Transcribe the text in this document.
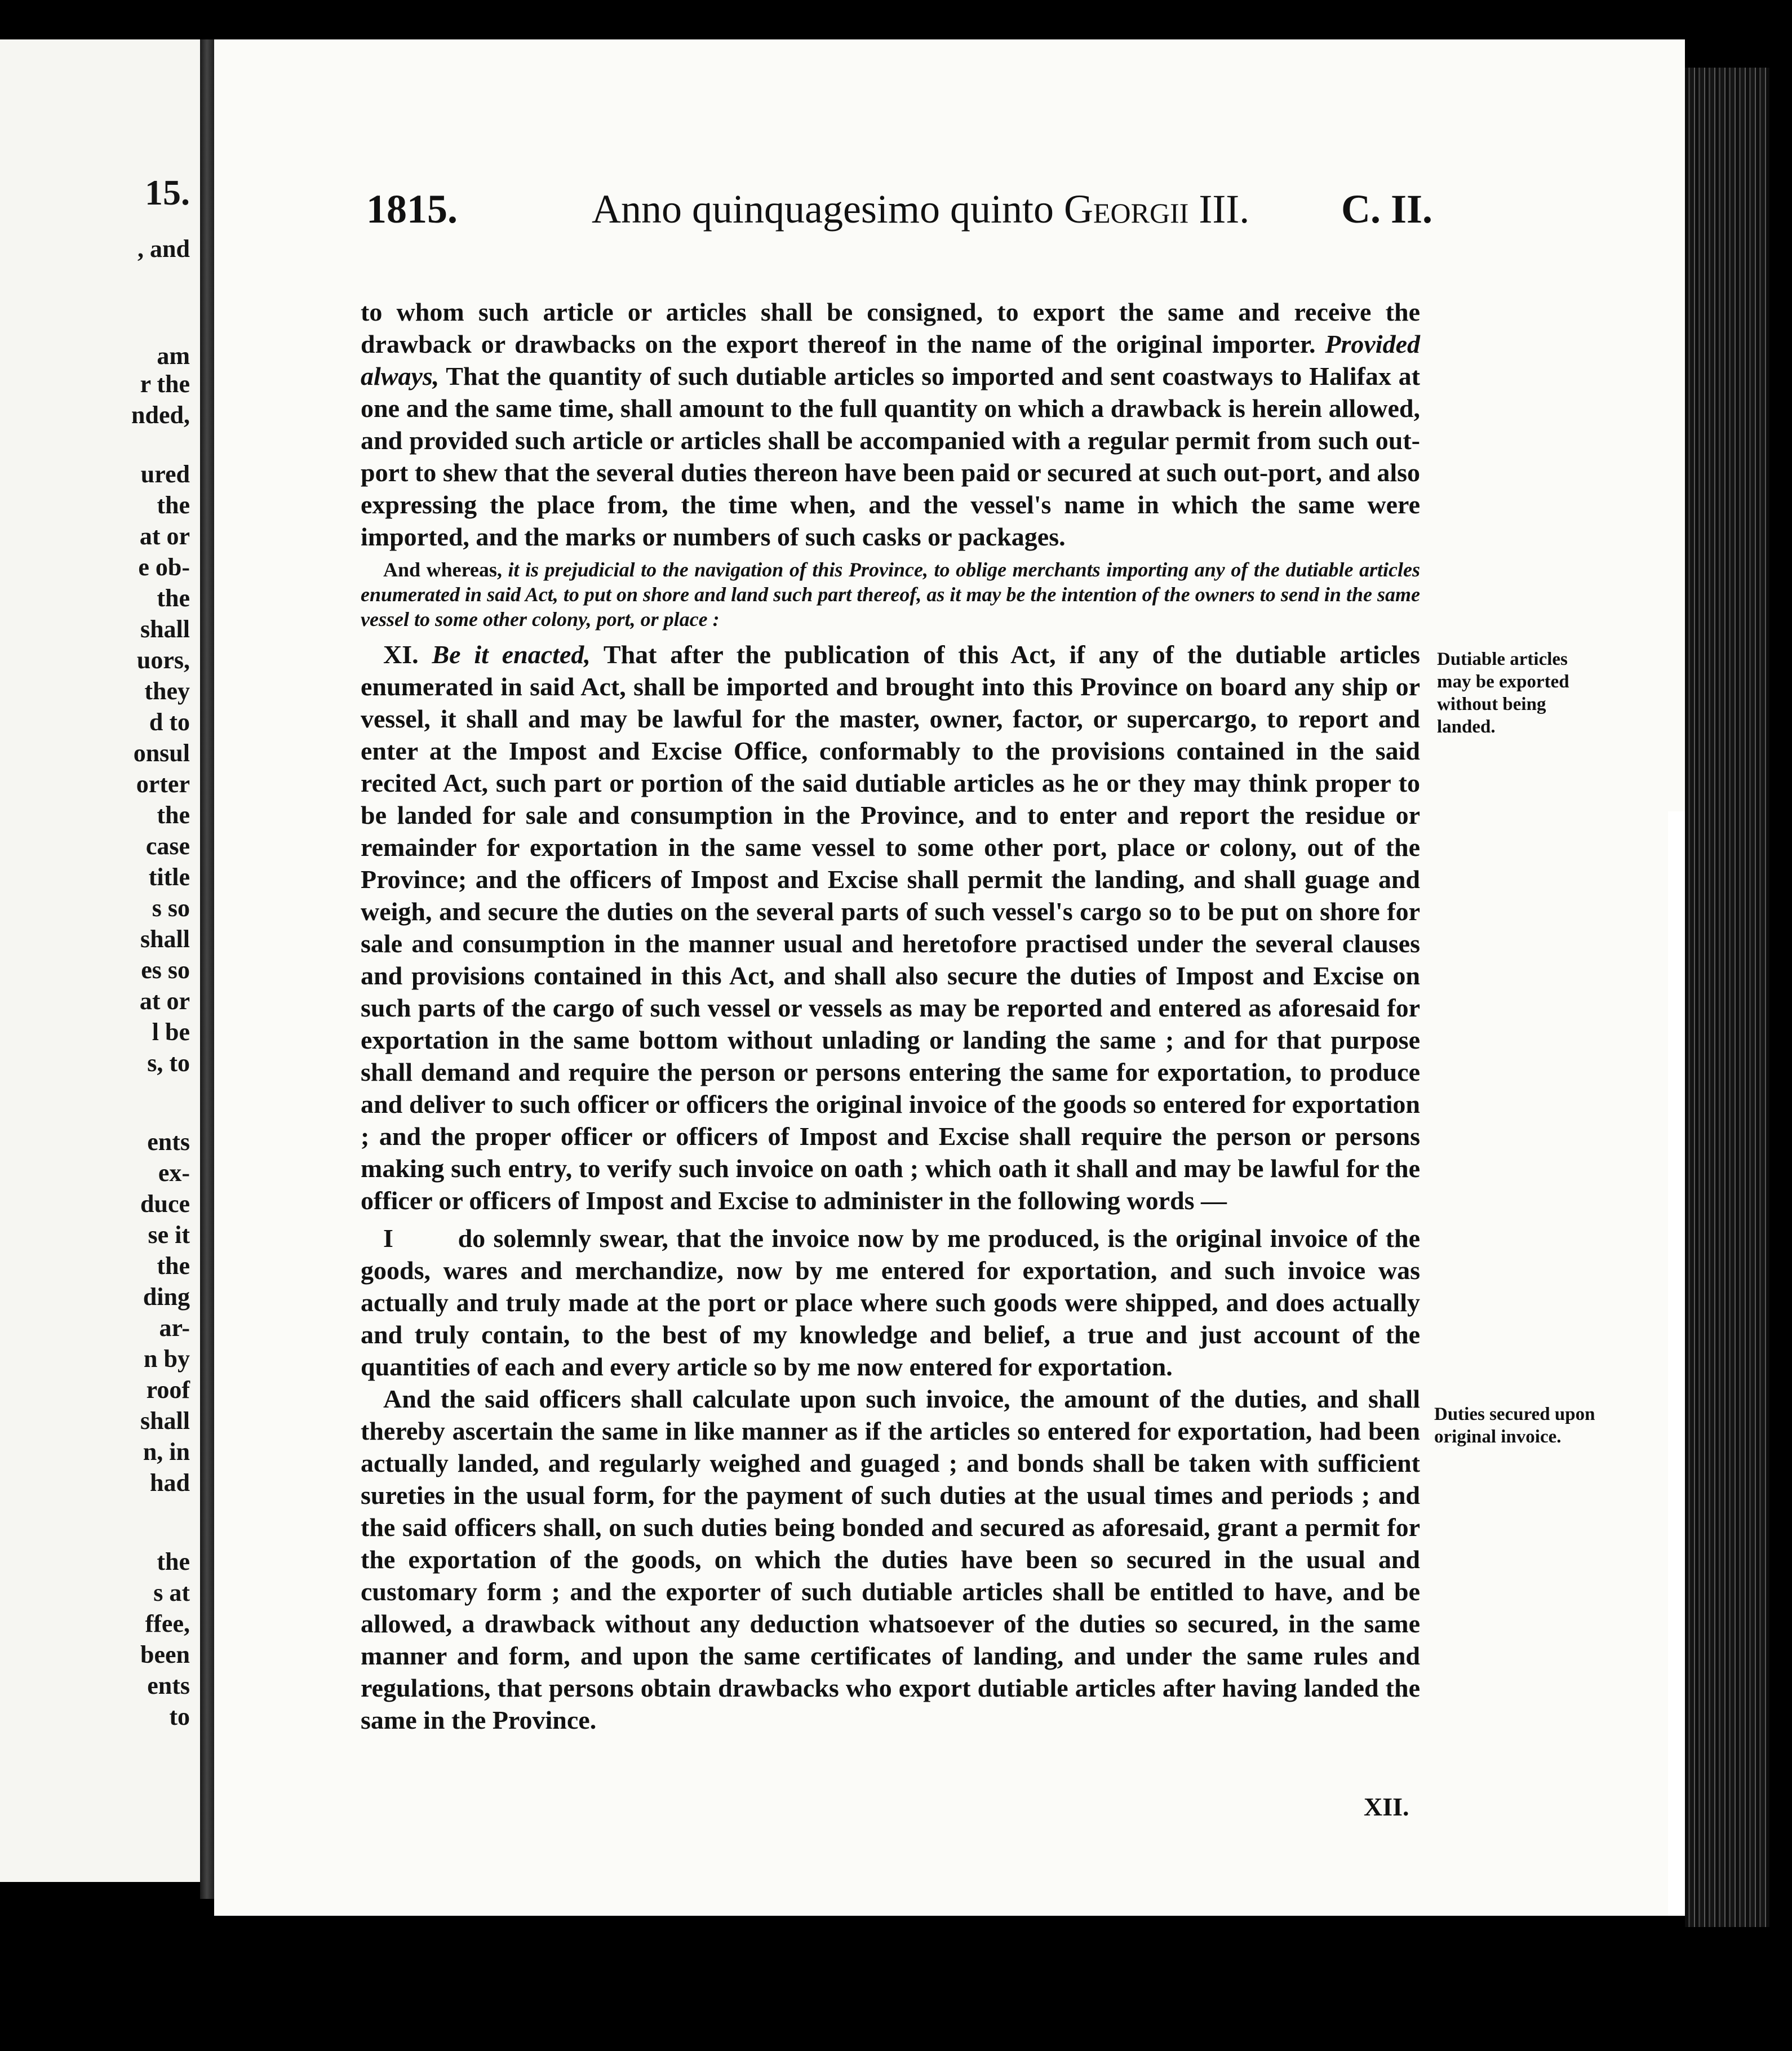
15.
, and
am
r the
nded,
ured
the
at or
e ob-
the
shall
uors,
they
d to
onsul
orter
the
case
title
s so
shall
es so
at or
l be
s, to
ents
ex-
duce
se it
the
ding
ar-
n by
roof
shall
n, in
had
the
s at
ffee,
been
ents
to
1815.	Anno quinquagesimo quinto Georgii III. C. II.

to whom such article or articles shall be consigned, to export the same and receive the drawback or drawbacks on the export thereof in the name of the original importer. Provided always, That the quantity of such dutiable articles so imported and sent coastways to Halifax at one and the same time, shall amount to the full quantity on which a drawback is herein allowed, and provided such article or articles shall be accompanied with a regular permit from such out-port to shew that the several duties thereon have been paid or secured at such out-port, and also expressing the place from, the time when, and the vessel's name in which the same were imported, and the marks or numbers of such casks or packages.

And whereas, it is prejudicial to the navigation of this Province, to oblige merchants importing any of the dutiable articles enumerated in said Act, to put on shore and land such part thereof, as it may be the intention of the owners to send in the same vessel to some other colony, port, or place :

XI. Be it enacted, That after the publication of this Act, if any of the dutiable articles enumerated in said Act, shall be imported and brought into this Province on board any ship or vessel, it shall and may be lawful for the master, owner, factor, or supercargo, to report and enter at the Impost and Excise Office, conformably to the provisions contained in the said recited Act, such part or portion of the said dutiable articles as he or they may think proper to be landed for sale and consumption in the Province, and to enter and report the residue or remainder for exportation in the same vessel to some other port, place or colony, out of the Province; and the officers of Impost and Excise shall permit the landing, and shall guage and weigh, and secure the duties on the several parts of such vessel's cargo so to be put on shore for sale and consumption in the manner usual and heretofore practised under the several clauses and provisions contained in this Act, and shall also secure the duties of Impost and Excise on such parts of the cargo of such vessel or vessels as may be reported and entered as aforesaid for exportation in the same bottom without unlading or landing the same ; and for that purpose shall demand and require the person or persons entering the same for exportation, to produce and deliver to such officer or officers the original invoice of the goods so entered for exportation ; and the proper officer or officers of Impost and Excise shall require the person or persons making such entry, to verify such invoice on oath ; which oath it shall and may be lawful for the officer or officers of Impost and Excise to administer in the following words —

I        do solemnly swear, that the invoice now by me produced, is the original invoice of the goods, wares and merchandize, now by me entered for exportation, and such invoice was actually and truly made at the port or place where such goods were shipped, and does actually and truly contain, to the best of my knowledge and belief, a true and just account of the quantities of each and every article so by me now entered for exportation.

And the said officers shall calculate upon such invoice, the amount of the duties, and shall thereby ascertain the same in like manner as if the articles so entered for exportation, had been actually landed, and regularly weighed and guaged ; and bonds shall be taken with sufficient sureties in the usual form, for the payment of such duties at the usual times and periods ; and the said officers shall, on such duties being bonded and secured as aforesaid, grant a permit for the exportation of the goods, on which the duties have been so secured in the usual and customary form ; and the exporter of such dutiable articles shall be entitled to have, and be allowed, a drawback without any deduction whatsoever of the duties so secured, in the same manner and form, and upon the same certificates of landing, and under the same rules and regulations, that persons obtain drawbacks who export dutiable articles after having landed the same in the Province.

XII.
Dutiable articles may be exported without being landed.
Duties secured upon original invoice.
